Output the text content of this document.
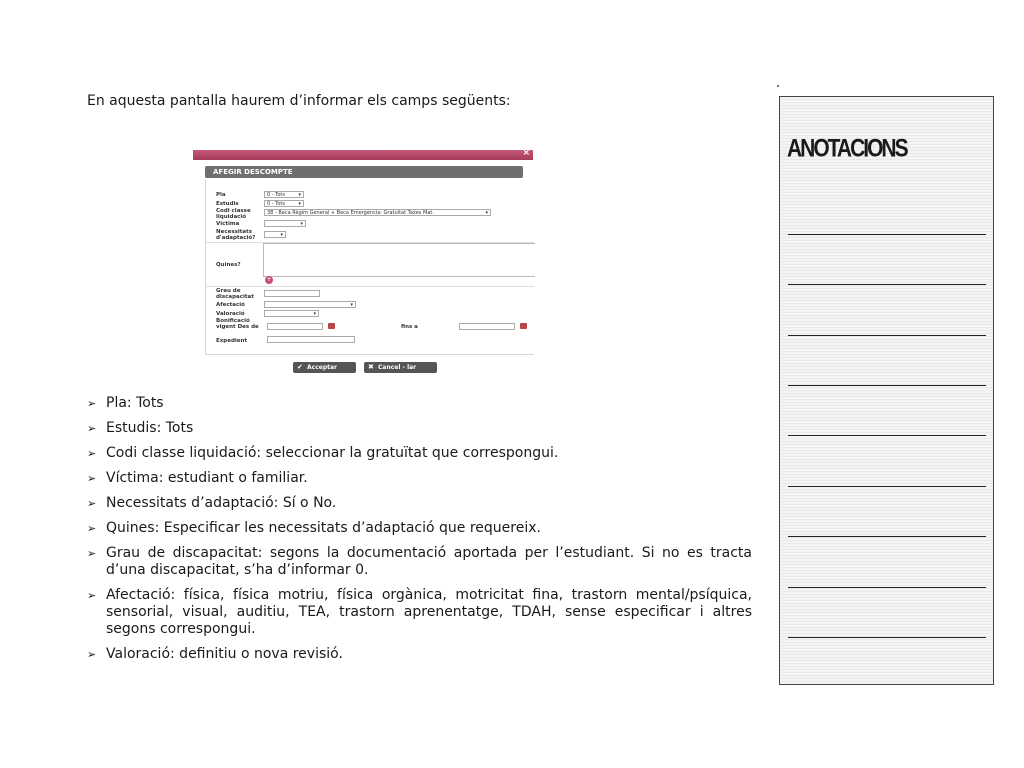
En aquesta pantalla haurem d’informar els camps següents:
×
AFEGIR DESCOMPTE
Pla	0 - Tots	▾
Estudis	0 - Tots	▾
Codi classe liquidació
38 - Beca Règim General + Beca Emergència: Gratuïtat Taxes Mat.	▾
Víctima	▾
Necessitats d'adaptació?	▾
Quines?
+
Grau de discapacitat
Afectació	▾
Valoració	▾
Bonificació vigent Des de	fins a
Expedient
✔ Acceptar	✖ Cancel - lar
➢ Pla: Tots
➢ Estudis: Tots
➢ Codi classe liquidació: seleccionar la gratuïtat que correspongui.
➢ Víctima: estudiant o familiar.
➢ Necessitats d’adaptació: Sí o No.
➢ Quines: Especificar les necessitats d’adaptació que requereix.
➢ Grau de discapacitat: segons la documentació aportada per l’estudiant. Si no es tracta d’una discapacitat, s’ha d’informar 0.
➢ Afectació: física, física motriu, física orgànica, motricitat fina, trastorn mental/psíquica, sensorial, visual, auditiu, TEA, trastorn aprenentatge, TDAH, sense especificar i altres segons correspongui.
➢ Valoració: definitiu o nova revisió.
ANOTACIONS
